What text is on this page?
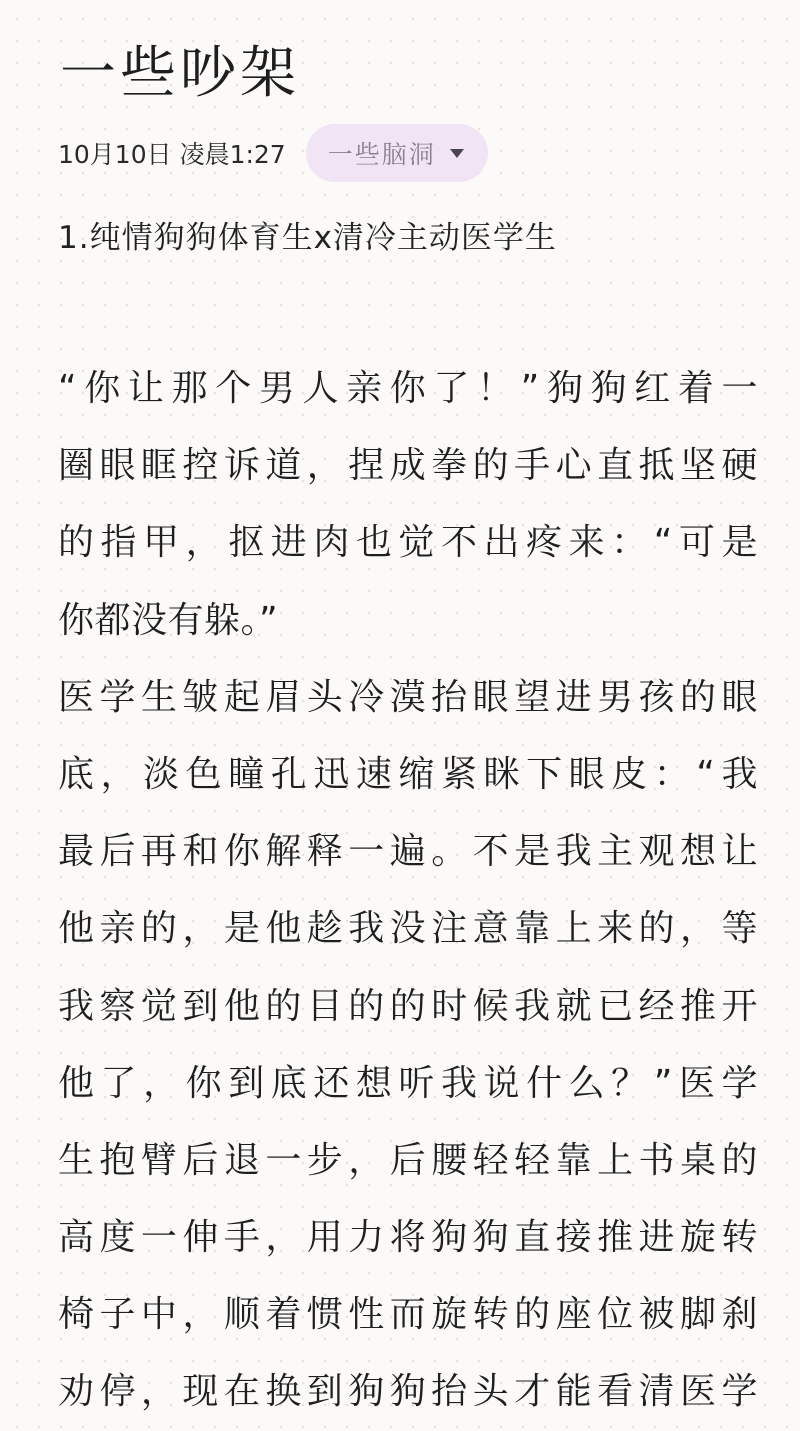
一些吵架
10月10日 凌晨1:27 一些脑洞
1.纯情狗狗体育生x清冷主动医学生
“你让那个男人亲你了！”狗狗红着一
圈眼眶控诉道，捏成拳的手心直抵坚硬
的指甲，抠进肉也觉不出疼来：“可是
你都没有躲。”
医学生皱起眉头冷漠抬眼望进男孩的眼
底，淡色瞳孔迅速缩紧眯下眼皮：“我
最后再和你解释一遍。不是我主观想让
他亲的，是他趁我没注意靠上来的，等
我察觉到他的目的的时候我就已经推开
他了，你到底还想听我说什么？”医学
生抱臂后退一步，后腰轻轻靠上书桌的
高度一伸手，用力将狗狗直接推进旋转
椅子中，顺着惯性而旋转的座位被脚刹
劝停，现在换到狗狗抬头才能看清医学
